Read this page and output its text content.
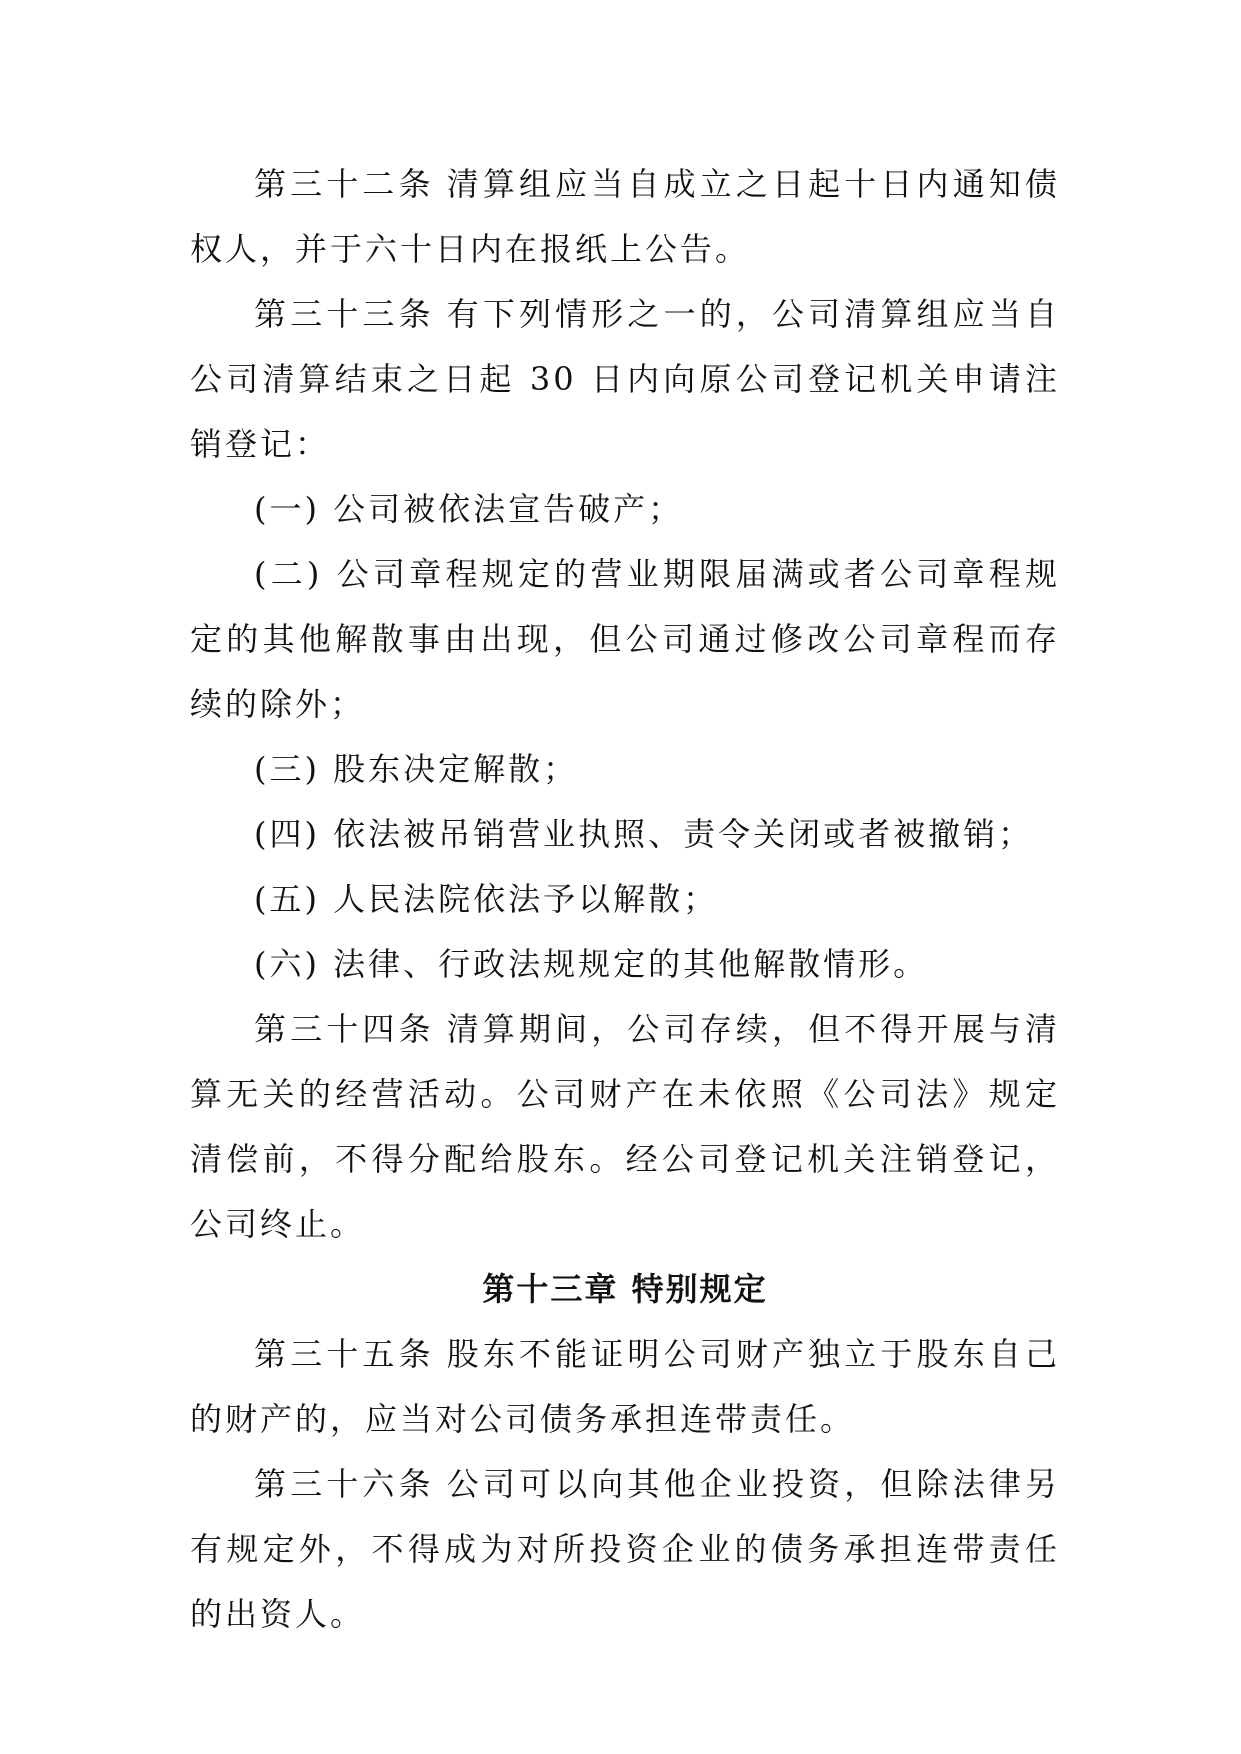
第三十二条 清算组应当自成立之日起十日内通知债权人，并于六十日内在报纸上公告。

第三十三条 有下列情形之一的，公司清算组应当自公司清算结束之日起 30 日内向原公司登记机关申请注销登记：

(一) 公司被依法宣告破产；

(二) 公司章程规定的营业期限届满或者公司章程规定的其他解散事由出现，但公司通过修改公司章程而存续的除外；

(三) 股东决定解散；

(四) 依法被吊销营业执照、责令关闭或者被撤销；

(五) 人民法院依法予以解散；

(六) 法律、行政法规规定的其他解散情形。

第三十四条 清算期间，公司存续，但不得开展与清算无关的经营活动。公司财产在未依照《公司法》规定清偿前，不得分配给股东。经公司登记机关注销登记，公司终止。

第十三章 特别规定

第三十五条 股东不能证明公司财产独立于股东自己的财产的，应当对公司债务承担连带责任。

第三十六条 公司可以向其他企业投资，但除法律另有规定外，不得成为对所投资企业的债务承担连带责任的出资人。
